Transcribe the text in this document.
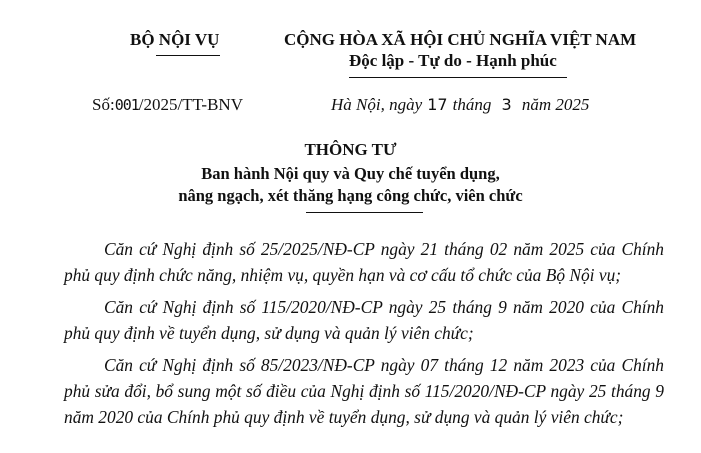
BỘ NỘI VỤ	CỘNG HÒA XÃ HỘI CHỦ NGHĨA VIỆT NAM
Độc lập - Tự do - Hạnh phúc
Số:001/2025/TT-BNV	Hà Nội, ngày 17 tháng 3 năm 2025
THÔNG TƯ
Ban hành Nội quy và Quy chế tuyển dụng,
nâng ngạch, xét thăng hạng công chức, viên chức

Căn cứ Nghị định số 25/2025/NĐ-CP ngày 21 tháng 02 năm 2025 của Chính phủ quy định chức năng, nhiệm vụ, quyền hạn và cơ cấu tổ chức của Bộ Nội vụ;

Căn cứ Nghị định số 115/2020/NĐ-CP ngày 25 tháng 9 năm 2020 của Chính phủ quy định về tuyển dụng, sử dụng và quản lý viên chức;

Căn cứ Nghị định số 85/2023/NĐ-CP ngày 07 tháng 12 năm 2023 của Chính phủ sửa đổi, bổ sung một số điều của Nghị định số 115/2020/NĐ-CP ngày 25 tháng 9 năm 2020 của Chính phủ quy định về tuyển dụng, sử dụng và quản lý viên chức;
